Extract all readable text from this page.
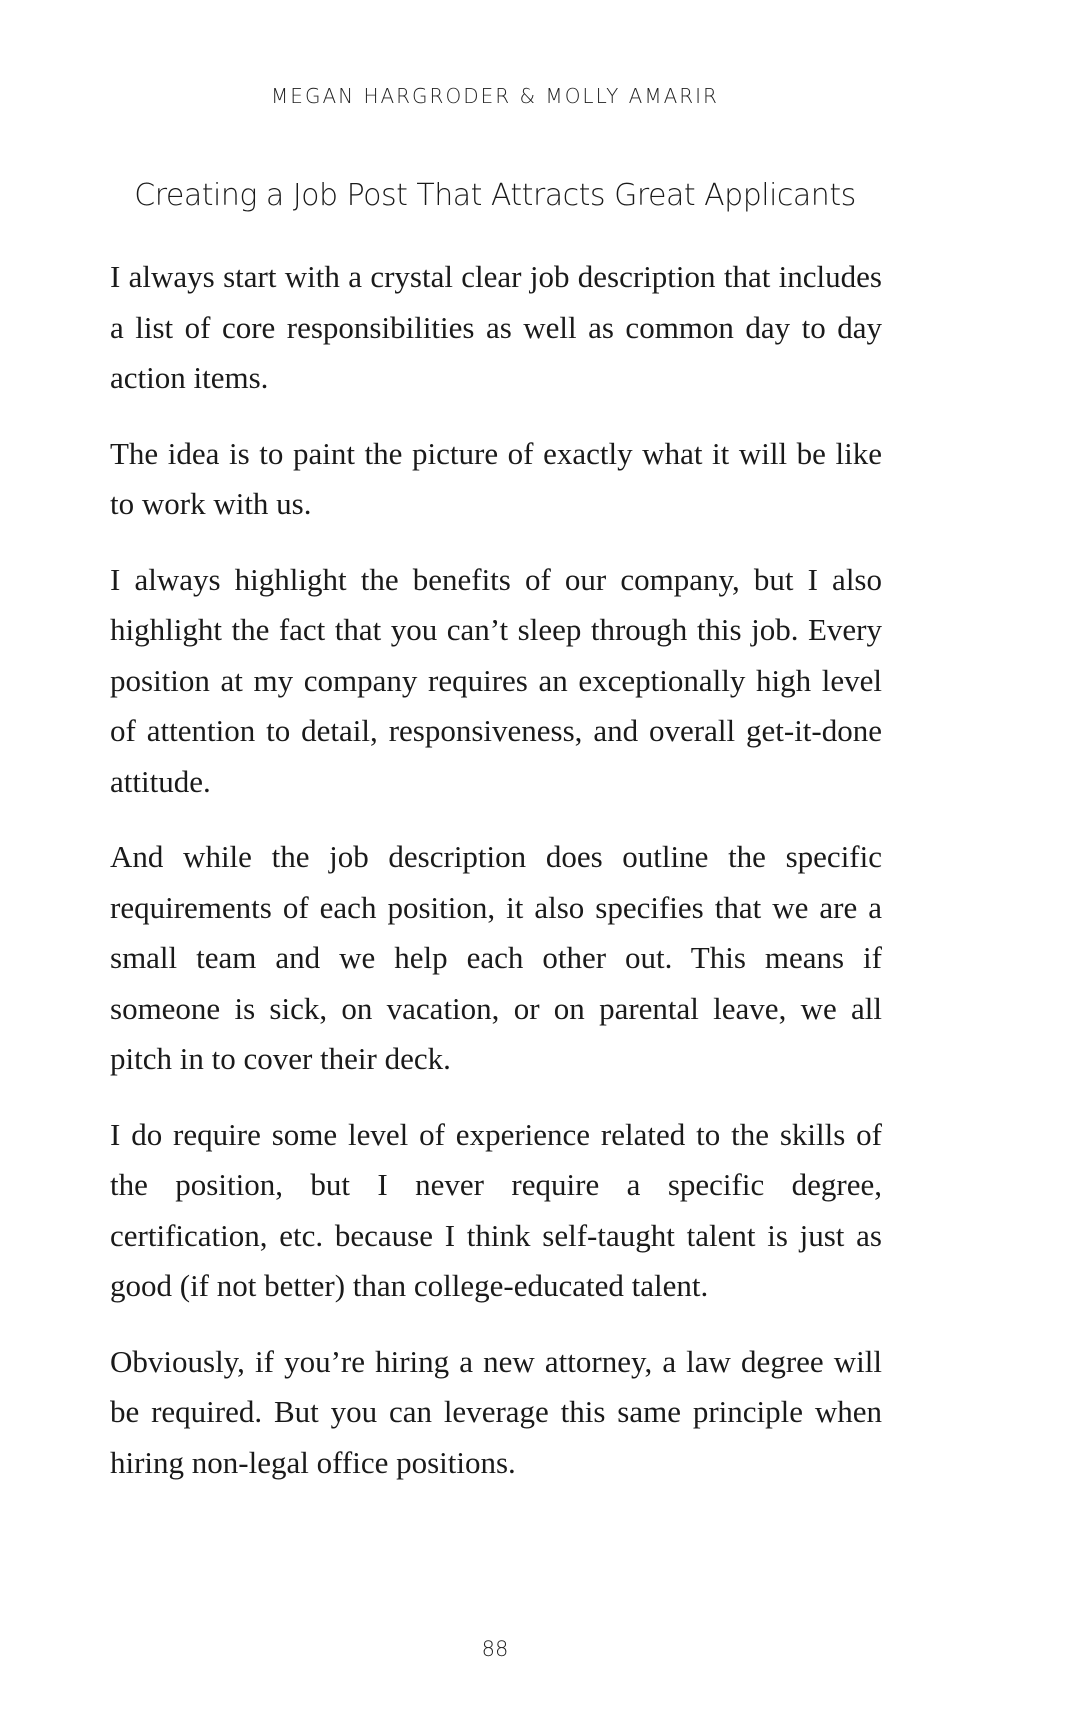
MEGAN HARGRODER & MOLLY AMARIR
Creating a Job Post That Attracts Great Applicants

I always start with a crystal clear job description that includes a list of core responsibilities as well as common day to day action items.

The idea is to paint the picture of exactly what it will be like to work with us.

I always highlight the benefits of our company, but I also highlight the fact that you can’t sleep through this job. Every position at my company requires an exceptionally high level of attention to detail, responsiveness, and overall get-it-done attitude.

And while the job description does outline the specific requirements of each position, it also specifies that we are a small team and we help each other out. This means if someone is sick, on vacation, or on parental leave, we all pitch in to cover their deck.

I do require some level of experience related to the skills of the position, but I never require a specific degree, certification, etc. because I think self-taught talent is just as good (if not better) than college-educated talent.

Obviously, if you’re hiring a new attorney, a law degree will be required. But you can leverage this same principle when hiring non-legal office positions.

88
